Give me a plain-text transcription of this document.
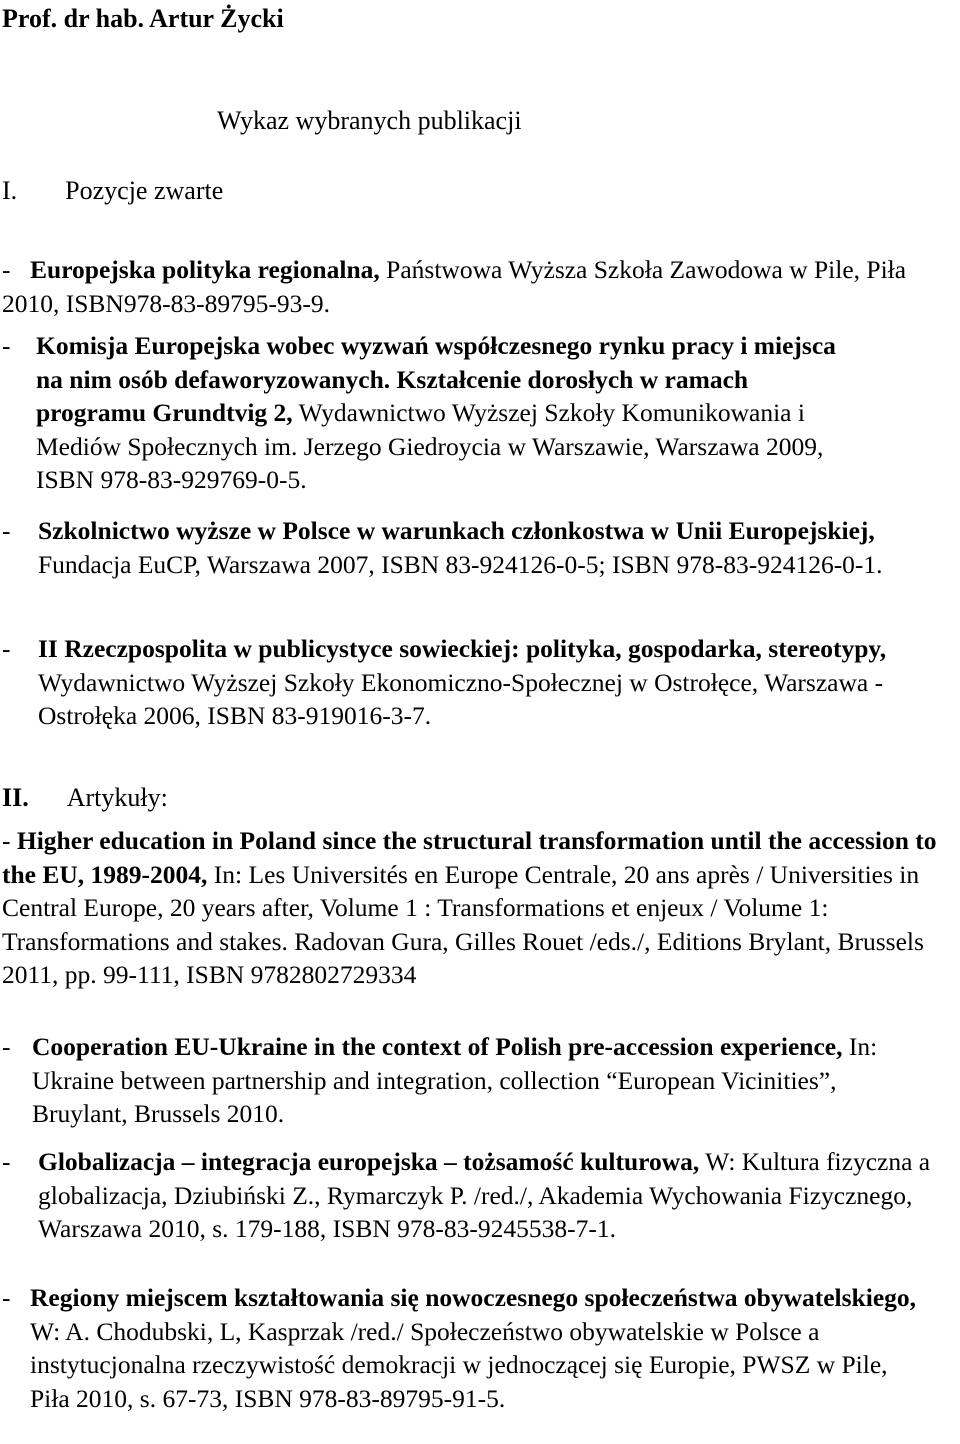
Prof. dr hab. Artur Życki
Wykaz wybranych publikacji
I. Pozycje zwarte
- Europejska polityka regionalna, Państwowa Wyższa Szkoła Zawodowa w Pile, Piła 2010, ISBN978-83-89795-93-9.
-	Komisja Europejska wobec wyzwań współczesnego rynku pracy i miejsca na nim osób defaworyzowanych. Kształcenie dorosłych w ramach programu Grundtvig 2, Wydawnictwo Wyższej Szkoły Komunikowania i Mediów Społecznych im. Jerzego Giedroycia w Warszawie, Warszawa 2009, ISBN 978-83-929769-0-5.
-	Szkolnictwo wyższe w Polsce w warunkach członkostwa w Unii Europejskiej, Fundacja EuCP, Warszawa 2007, ISBN 83-924126-0-5; ISBN 978-83-924126-0-1.
-	II Rzeczpospolita w publicystyce sowieckiej: polityka, gospodarka, stereotypy, Wydawnictwo Wyższej Szkoły Ekonomiczno-Społecznej w Ostrołęce, Warszawa - Ostrołęka 2006, ISBN 83-919016-3-7.
II. Artykuły:
- Higher education in Poland since the structural transformation until the accession to the EU, 1989-2004, In: Les Universités en Europe Centrale, 20 ans après / Universities in Central Europe, 20 years after, Volume 1 : Transformations et enjeux / Volume 1: Transformations and stakes. Radovan Gura, Gilles Rouet /eds./, Editions Brylant, Brussels 2011, pp. 99-111, ISBN 9782802729334
- Cooperation EU-Ukraine in the context of Polish pre-accession experience, In: Ukraine between partnership and integration, collection “European Vicinities”, Bruylant, Brussels 2010.
-	Globalizacja – integracja europejska – tożsamość kulturowa, W: Kultura fizyczna a globalizacja, Dziubiński Z., Rymarczyk P. /red./, Akademia Wychowania Fizycznego, Warszawa 2010, s. 179-188, ISBN 978-83-9245538-7-1.
- Regiony miejscem kształtowania się nowoczesnego społeczeństwa obywatelskiego, W: A. Chodubski, L, Kasprzak /red./ Społeczeństwo obywatelskie w Polsce a instytucjonalna rzeczywistość demokracji w jednoczącej się Europie, PWSZ w Pile, Piła 2010, s. 67-73, ISBN 978-83-89795-91-5.
